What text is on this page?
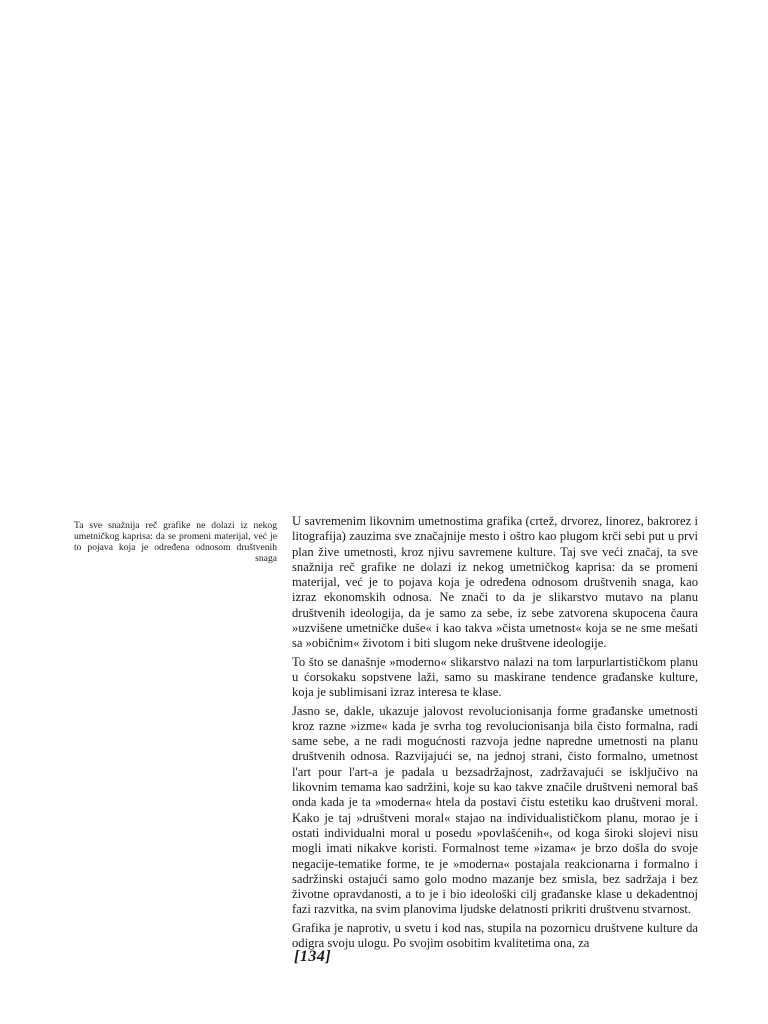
Ta sve snažnija reč grafike ne dolazi iz nekog umetničkog kaprisa: da se promeni materijal, već je to pojava koja je određena odnosom društvenih snaga

U savremenim likovnim umetnostima grafika (crtež, drvorez, linorez, bakrorez i litografija) zauzima sve značajnije mesto i oštro kao plugom krči sebi put u prvi plan žive umetnosti, kroz njivu savremene kulture. Taj sve veći značaj, ta sve snažnija reč grafike ne dolazi iz nekog umetničkog kaprisa: da se promeni materijal, već je to pojava koja je određena odnosom društvenih snaga, kao izraz ekonomskih odnosa. Ne znači to da je slikarstvo mutavo na planu društvenih ideologija, da je samo za sebe, iz sebe zatvorena skupocena čaura »uzvišene umetničke duše« i kao takva »čista umetnost« koja se ne sme mešati sa »običnim« životom i biti slugom neke društvene ideologije.

To što se današnje »moderno« slikarstvo nalazi na tom larpurlartističkom planu u ćorsokaku sopstvene laži, samo su maskirane tendence građanske kulture, koja je sublimisani izraz interesa te klase.

Jasno se, dakle, ukazuje jalovost revolucionisanja forme građanske umetnosti kroz razne »izme« kada je svrha tog revolucionisanja bila čisto formalna, radi same sebe, a ne radi mogućnosti razvoja jedne napredne umetnosti na planu društvenih odnosa. Razvijajući se, na jednoj strani, čisto formalno, umetnost l'art pour l'art-a je padala u bezsadržajnost, zadržavajući se isključivo na likovnim temama kao sadržini, koje su kao takve značile društveni nemoral baš onda kada je ta »moderna« htela da postavi čistu estetiku kao društveni moral. Kako je taj »društveni moral« stajao na individualističkom planu, morao je i ostati individualni moral u posedu »povlašćenih«, od koga široki slojevi nisu mogli imati nikakve koristi. Formalnost teme »izama« je brzo došla do svoje negacije-tematike forme, te je »moderna« postajala reakcionarna i formalno i sadržinski ostajući samo golo modno mazanje bez smisla, bez sadržaja i bez životne opravdanosti, a to je i bio ideološki cilj građanske klase u dekadentnoj fazi razvitka, na svim planovima ljudske delatnosti prikriti društvenu stvarnost.

Grafika je naprotiv, u svetu i kod nas, stupila na pozornicu društvene kulture da odigra svoju ulogu. Po svojim osobitim kvalitetima ona, za

[134]
